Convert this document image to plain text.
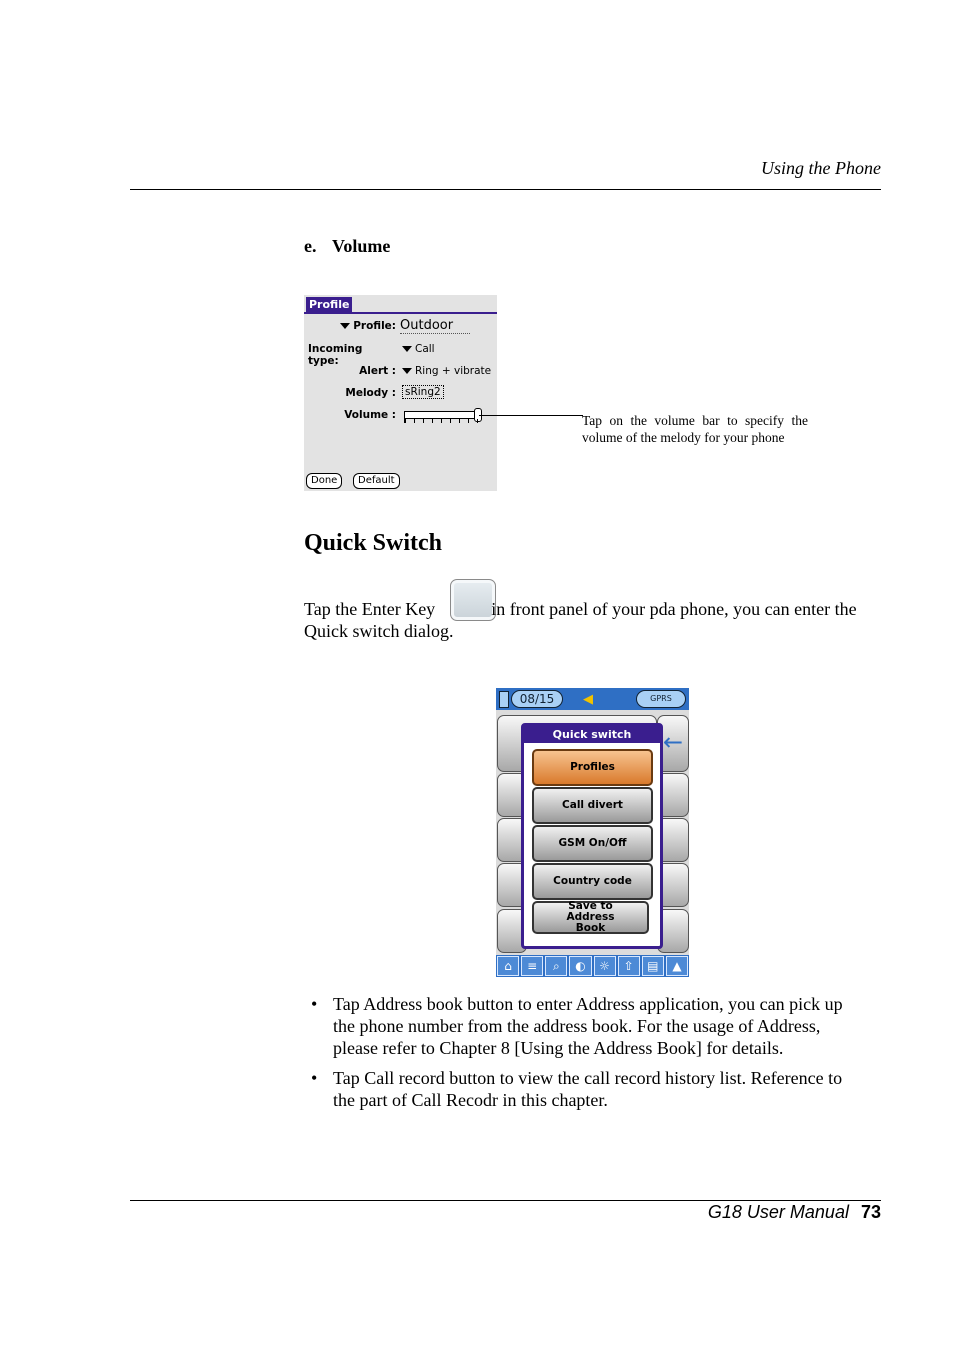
Using the Phone
e. Volume
Profile
Profile: Outdoor
Incoming type:
Call
Alert :	Ring + vibrate
Melody : sRing2
Volume :
Done	Default
Tap on the volume bar to specify the volume of the melody for your phone
Quick Switch
Tap the Enter Key	in front panel of your pda phone, you can enter the Quick switch dialog.
08/15	◀	GPRS
←
Quick switch
Profiles
Call divert
GSM On/Off
Country code
Save to Address Book
⌂	≡	⌕	◐	☼	⇧	▤	▲
• Tap Address book button to enter Address application, you can pick up the phone number from the address book. For the usage of Address, please refer to Chapter 8 [Using the Address Book] for details.
• Tap Call record button to view the call record history list. Reference to the part of Call Recodr in this chapter.
G18 User Manual 73
